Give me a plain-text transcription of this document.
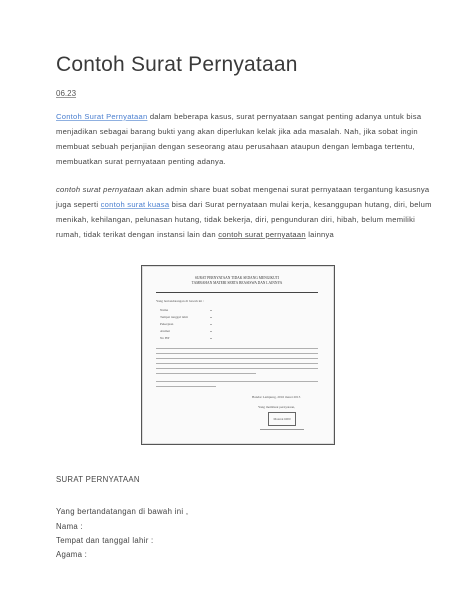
Contoh Surat Pernyataan
06.23

Contoh Surat Pernyataan dalam beberapa kasus, surat pernyataan sangat penting adanya untuk bisa

menjadikan sebagai barang bukti yang akan diperlukan kelak jika ada masalah. Nah, jika sobat ingin

membuat sebuah perjanjian dengan seseorang atau perusahaan ataupun dengan lembaga tertentu,

membuatkan surat pernyataan penting adanya.

contoh surat pernyataan akan admin share buat sobat mengenai surat pernyataan tergantung kasusnya

juga seperti contoh surat kuasa bisa dari Surat pernyataan mulai kerja, kesanggupan hutang, diri, belum

menikah, kehilangan, pelunasan hutang, tidak bekerja, diri, pengunduran diri, hibah, belum memiliki

rumah, tidak terikat dengan instansi lain dan contoh surat pernyataan lainnya

SURAT PERNYATAAN TIDAK SEDANG MENGIKUTI
TAMBAHAN MATERI SERTA BEASISWA DAN LAINNYA
Yang bertandatangan di bawah ini :
Nama
Tempat tanggal lahir
Pekerjaan
Alamat
No HP
Bandar Lampung, 2016 maret 2013
Yang membuat pernyataan,
Materai 6000
SURAT PERNYATAAN
Yang bertandatangan di bawah ini ,
Nama :
Tempat dan tanggal lahir :
Agama :
